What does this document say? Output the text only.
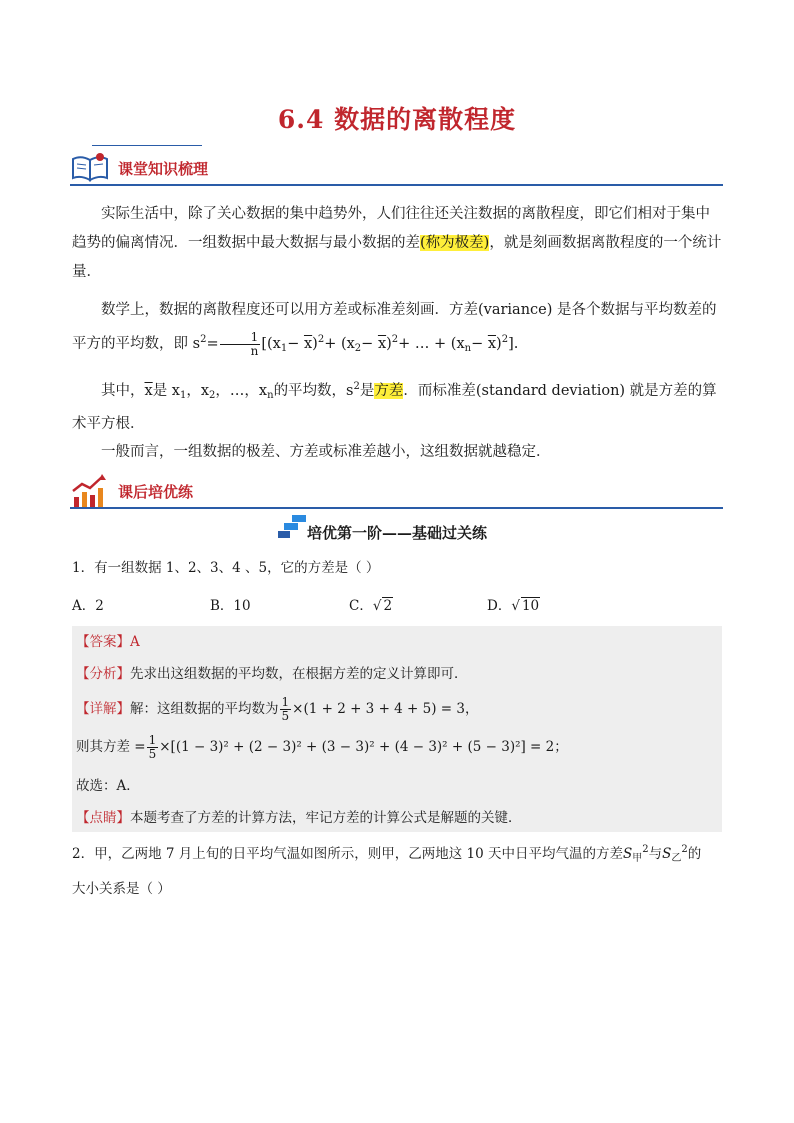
6.4 数据的离散程度
课堂知识梳理

实际生活中，除了关心数据的集中趋势外，人们往往还关注数据的离散程度，即它们相对于集中趋势的偏离情况．一组数据中最大数据与最小数据的差(称为极差)，就是刻画数据离散程度的一个统计量．

数学上，数据的离散程度还可以用方差或标准差刻画．方差(variance) 是各个数据与平均数差的平方的平均数，即 $s^2= \frac{1}{n} [(x_1- \overline{x})^2+ (x_2- \overline{x})^2+$ … + $(x_n- \overline{x})^2$].

其中，$\overline{x}$是 $x_1$，$x_2$，…，$x_n$的平均数，$s^2$是方差．而标准差(standard deviation) 就是方差的算术平方根．

一般而言，一组数据的极差、方差或标准差越小，这组数据就越稳定．

课后培优练
培优第一阶——基础过关练
1．有一组数据 1、2、3、4 、5，它的方差是（ ）
A．2	B．10	C．√ 2	D．√ 10
【答案】A
【分析】先求出这组数据的平均数，在根据方差的定义计算即可．
【详解】解：这组数据的平均数为 $\frac{1}{5} \times(1 + 2 + 3 + 4 + 5) = 3$，
则其方差 = $\frac{1}{5} \times[(1 - 3)^2 + (2 - 3)^2 + (3 - 3)^2 + (4 - 3)^2 + (5 - 3)^2] = 2$；
故选：A．
【点睛】本题考查了方差的计算方法，牢记方差的计算公式是解题的关键．
2．甲，乙两地 7 月上旬的日平均气温如图所示，则甲，乙两地这 10 天中日平均气温的方差$S_甲^2$与$S_乙^2$的
大小关系是（ ）
